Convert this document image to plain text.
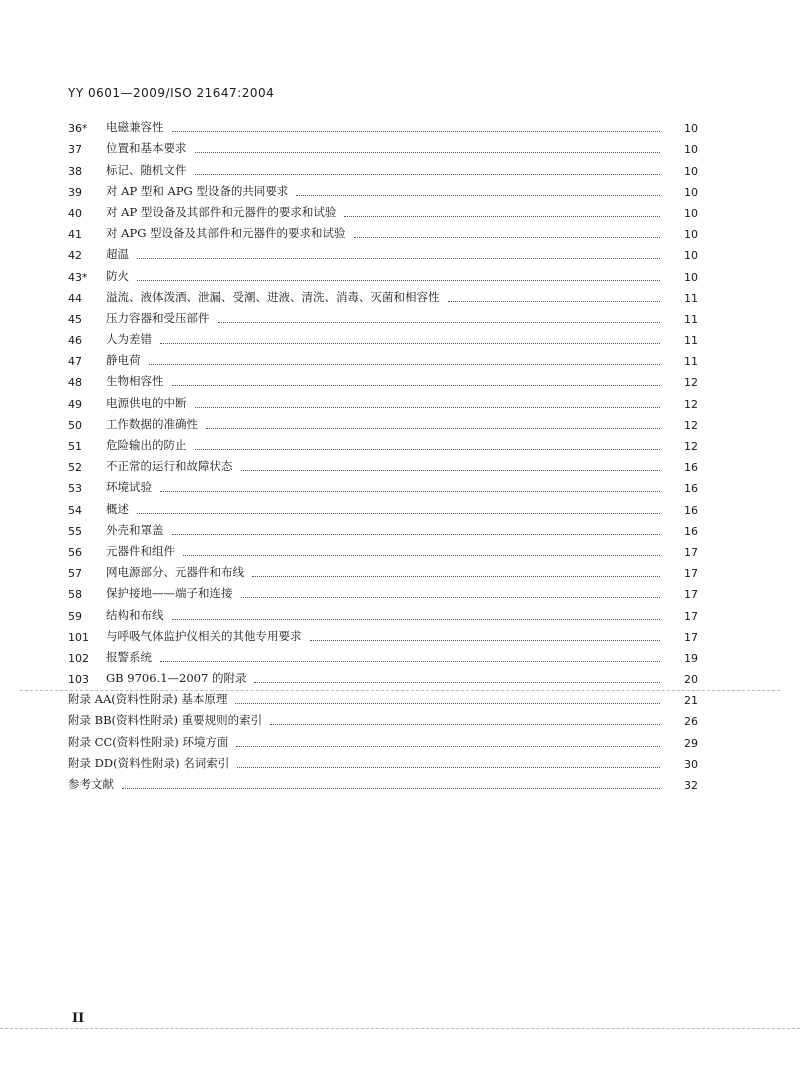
YY 0601—2009/ISO 21647:2004
36*	电磁兼容性	10
37	位置和基本要求	10
38	标记、随机文件	10
39	对 AP 型和 APG 型设备的共同要求	10
40	对 AP 型设备及其部件和元器件的要求和试验	10
41	对 APG 型设备及其部件和元器件的要求和试验	10
42	超温	10
43*	防火	10
44	溢流、液体泼洒、泄漏、受潮、进液、清洗、消毒、灭菌和相容性	11
45	压力容器和受压部件	11
46	人为差错	11
47	静电荷	11
48	生物相容性	12
49	电源供电的中断	12
50	工作数据的准确性	12
51	危险输出的防止	12
52	不正常的运行和故障状态	16
53	环境试验	16
54	概述	16
55	外壳和罩盖	16
56	元器件和组件	17
57	网电源部分、元器件和布线	17
58	保护接地——端子和连接	17
59	结构和布线	17
101	与呼吸气体监护仪相关的其他专用要求	17
102	报警系统	19
103	GB 9706.1—2007 的附录	20
附录 AA(资料性附录) 基本原理	21
附录 BB(资料性附录) 重要规则的索引	26
附录 CC(资料性附录) 环境方面	29
附录 DD(资料性附录) 名词索引	30
参考文献	32
II
